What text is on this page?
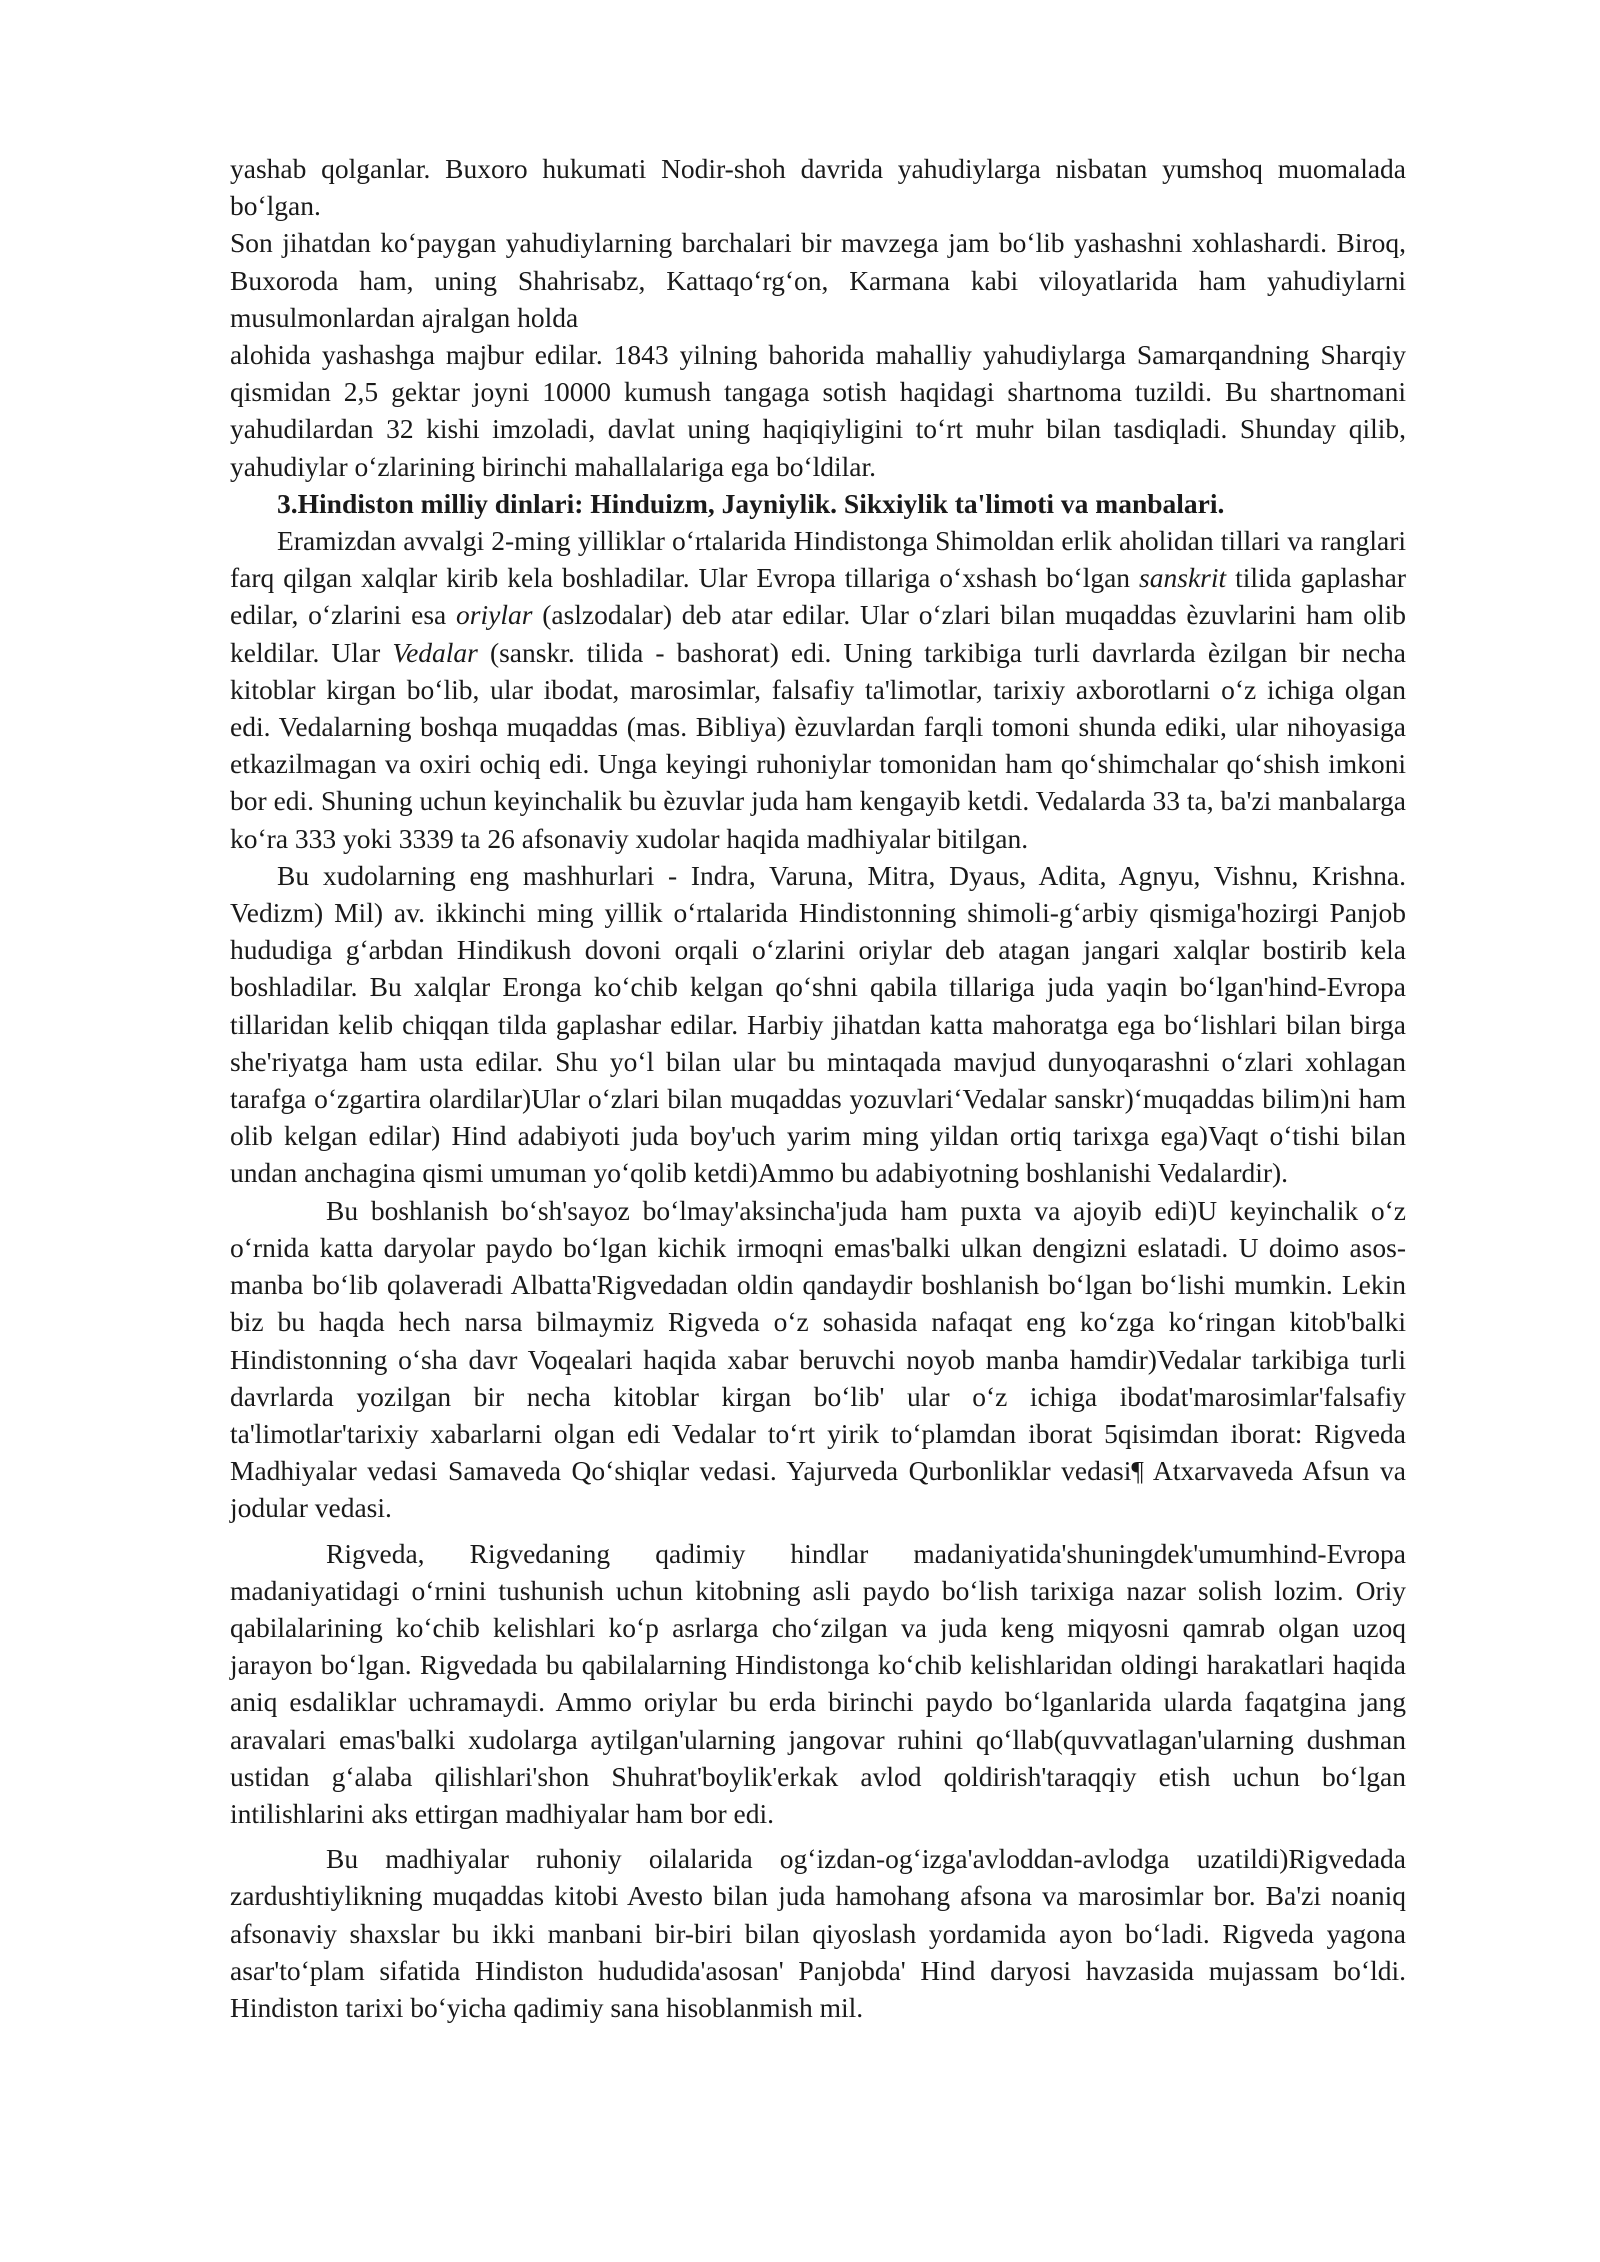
yashab qolganlar. Buxoro hukumati Nodir-shoh davrida yahudiylarga nisbatan yumshoq muomalada bo‘lgan.

Son jihatdan ko‘paygan yahudiylarning barchalari bir mavzega jam bo‘lib yashashni xohlashardi. Biroq, Buxoroda ham, uning Shahrisabz, Kattaqo‘rg‘on, Karmana kabi viloyatlarida ham yahudiylarni musulmonlardan ajralgan holda

alohida yashashga majbur edilar. 1843 yilning bahorida mahalliy yahudiylarga Samarqandning Sharqiy qismidan 2,5 gektar joyni 10000 kumush tangaga sotish haqidagi shartnoma tuzildi. Bu shartnomani yahudilardan 32 kishi imzoladi, davlat uning haqiqiyligini to‘rt muhr bilan tasdiqladi. Shunday qilib, yahudiylar o‘zlarining birinchi mahallalariga ega bo‘ldilar.

3.Hindiston milliy dinlari: Hinduizm, Jayniylik. Sikxiylik ta'limoti va manbalari.

Eramizdan avvalgi 2-ming yilliklar o‘rtalarida Hindistonga Shimoldan erlik aholidan tillari va ranglari farq qilgan xalqlar kirib kela boshladilar. Ular Evropa tillariga o‘xshash bo‘lgan sanskrit tilida gaplashar edilar, o‘zlarini esa oriylar (aslzodalar) deb atar edilar. Ular o‘zlari bilan muqaddas èzuvlarini ham olib keldilar. Ular Vedalar (sanskr. tilida - bashorat) edi. Uning tarkibiga turli davrlarda èzilgan bir necha kitoblar kirgan bo‘lib, ular ibodat, marosimlar, falsafiy ta'limotlar, tarixiy axborotlarni o‘z ichiga olgan edi. Vedalarning boshqa muqaddas (mas. Bibliya) èzuvlardan farqli tomoni shunda ediki, ular nihoyasiga etkazilmagan va oxiri ochiq edi. Unga keyingi ruhoniylar tomonidan ham qo‘shimchalar qo‘shish imkoni bor edi. Shuning uchun keyinchalik bu èzuvlar juda ham kengayib ketdi. Vedalarda 33 ta, ba'zi manbalarga ko‘ra 333 yoki 3339 ta 26 afsonaviy xudolar haqida madhiyalar bitilgan.

Bu xudolarning eng mashhurlari - Indra, Varuna, Mitra, Dyaus, Adita, Agnyu, Vishnu, Krishna. Vedizm) Mil) av. ikkinchi ming yillik o‘rtalarida Hindistonning shimoli-g‘arbiy qismiga'hozirgi Panjob hududiga g‘arbdan Hindikush dovoni orqali o‘zlarini oriylar deb atagan jangari xalqlar bostirib kela boshladilar. Bu xalqlar Eronga ko‘chib kelgan qo‘shni qabila tillariga juda yaqin bo‘lgan'hind-Evropa tillaridan kelib chiqqan tilda gaplashar edilar. Harbiy jihatdan katta mahoratga ega bo‘lishlari bilan birga she'riyatga ham usta edilar. Shu yo‘l bilan ular bu mintaqada mavjud dunyoqarashni o‘zlari xohlagan tarafga o‘zgartira olardilar)Ular o‘zlari bilan muqaddas yozuvlari‘Vedalar sanskr)‘muqaddas bilim)ni ham olib kelgan edilar) Hind adabiyoti juda boy'uch yarim ming yildan ortiq tarixga ega)Vaqt o‘tishi bilan undan anchagina qismi umuman yo‘qolib ketdi)Ammo bu adabiyotning boshlanishi Vedalardir).

Bu boshlanish bo‘sh'sayoz bo‘lmay'aksincha'juda ham puxta va ajoyib edi)U keyinchalik o‘z o‘rnida katta daryolar paydo bo‘lgan kichik irmoqni emas'balki ulkan dengizni eslatadi. U doimo asos-manba bo‘lib qolaveradi Albatta'Rigvedadan oldin qandaydir boshlanish bo‘lgan bo‘lishi mumkin. Lekin biz bu haqda hech narsa bilmaymiz Rigveda o‘z sohasida nafaqat eng ko‘zga ko‘ringan kitob'balki Hindistonning o‘sha davr Voqealari haqida xabar beruvchi noyob manba hamdir)Vedalar tarkibiga turli davrlarda yozilgan bir necha kitoblar kirgan bo‘lib' ular o‘z ichiga ibodat'marosimlar'falsafiy ta'limotlar'tarixiy xabarlarni olgan edi Vedalar to‘rt yirik to‘plamdan iborat 5qisimdan iborat: Rigveda Madhiyalar vedasi Samaveda Qo‘shiqlar vedasi. Yajurveda Qurbonliklar vedasi¶ Atxarvaveda Afsun va jodular vedasi.

Rigveda, Rigvedaning qadimiy hindlar madaniyatida'shuningdek'umumhind-Evropa madaniyatidagi o‘rnini tushunish uchun kitobning asli paydo bo‘lish tarixiga nazar solish lozim. Oriy qabilalarining ko‘chib kelishlari ko‘p asrlarga cho‘zilgan va juda keng miqyosni qamrab olgan uzoq jarayon bo‘lgan. Rigvedada bu qabilalarning Hindistonga ko‘chib kelishlaridan oldingi harakatlari haqida aniq esdaliklar uchramaydi. Ammo oriylar bu erda birinchi paydo bo‘lganlarida ularda faqatgina jang aravalari emas'balki xudolarga aytilgan'ularning jangovar ruhini qo‘llab(quvvatlagan'ularning dushman ustidan g‘alaba qilishlari'shon Shuhrat'boylik'erkak avlod qoldirish'taraqqiy etish uchun bo‘lgan intilishlarini aks ettirgan madhiyalar ham bor edi.

Bu madhiyalar ruhoniy oilalarida og‘izdan-og‘izga'avloddan-avlodga uzatildi)Rigvedada zardushtiylikning muqaddas kitobi Avesto bilan juda hamohang afsona va marosimlar bor. Ba'zi noaniq afsonaviy shaxslar bu ikki manbani bir-biri bilan qiyoslash yordamida ayon bo‘ladi. Rigveda yagona asar'to‘plam sifatida Hindiston hududida'asosan' Panjobda' Hind daryosi havzasida mujassam bo‘ldi. Hindiston tarixi bo‘yicha qadimiy sana hisoblanmish mil.
